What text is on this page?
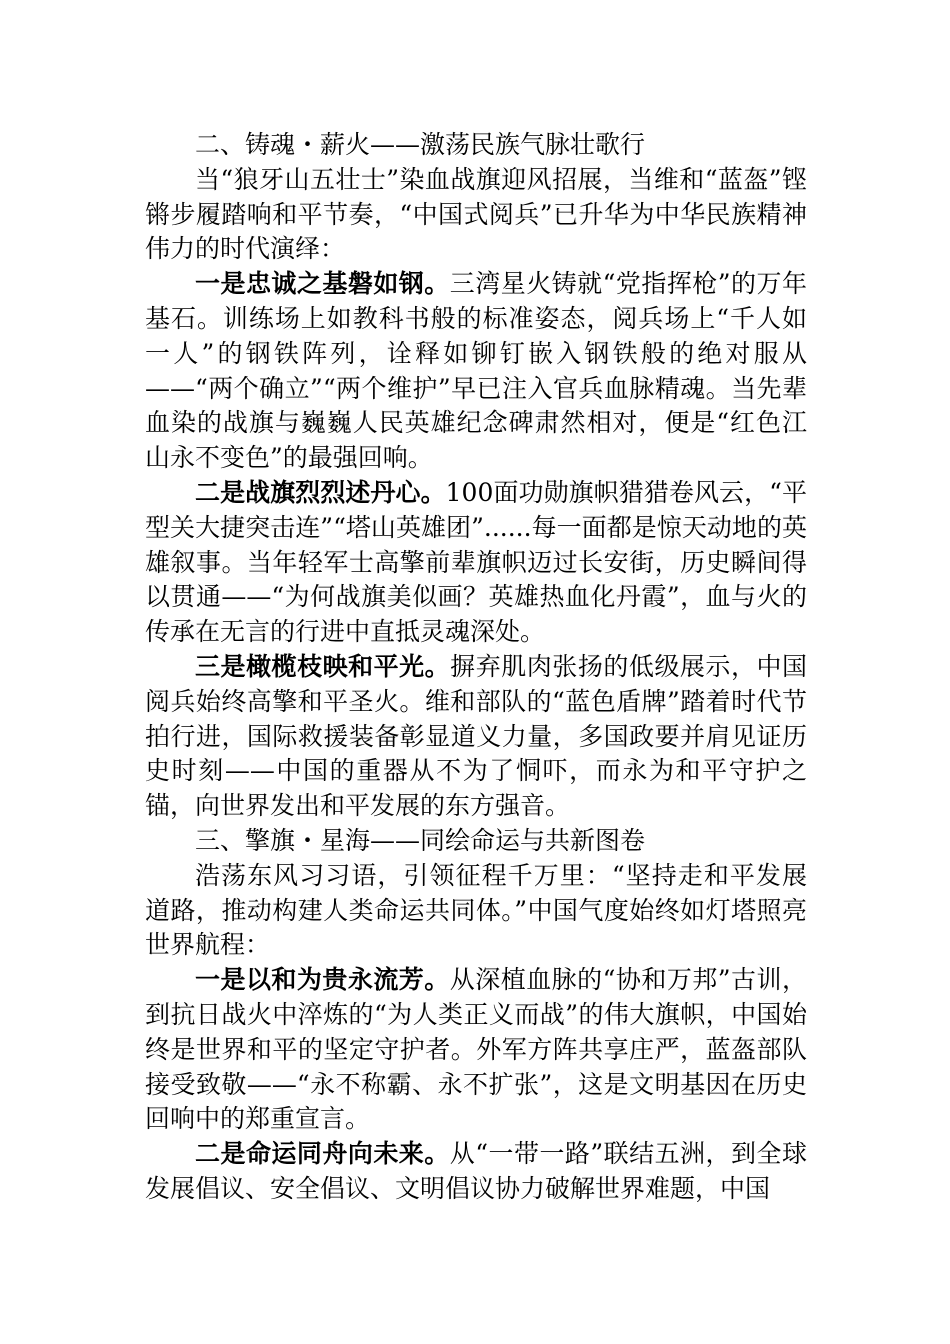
二、铸魂・薪火——激荡民族气脉壮歌行

当“狼牙山五壮士”染血战旗迎风招展，当维和“蓝盔”铿锵步履踏响和平节奏，“中国式阅兵”已升华为中华民族精神伟力的时代演绎：

一是忠诚之基磐如钢。三湾星火铸就“党指挥枪”的万年基石。训练场上如教科书般的标准姿态，阅兵场上“千人如一人”的钢铁阵列，诠释如铆钉嵌入钢铁般的绝对服从——“两个确立”“两个维护”早已注入官兵血脉精魂。当先辈血染的战旗与巍巍人民英雄纪念碑肃然相对，便是“红色江山永不变色”的最强回响。

二是战旗烈烈述丹心。100面功勋旗帜猎猎卷风云，“平型关大捷突击连”“塔山英雄团”......每一面都是惊天动地的英雄叙事。当年轻军士高擎前辈旗帜迈过长安街，历史瞬间得以贯通——“为何战旗美似画？英雄热血化丹霞”，血与火的传承在无言的行进中直抵灵魂深处。

三是橄榄枝映和平光。摒弃肌肉张扬的低级展示，中国阅兵始终高擎和平圣火。维和部队的“蓝色盾牌”踏着时代节拍行进，国际救援装备彰显道义力量，多国政要并肩见证历史时刻——中国的重器从不为了恫吓，而永为和平守护之锚，向世界发出和平发展的东方强音。

三、擎旗・星海——同绘命运与共新图卷

浩荡东风习习语，引领征程千万里：“坚持走和平发展道路，推动构建人类命运共同体。”中国气度始终如灯塔照亮世界航程：

一是以和为贵永流芳。从深植血脉的“协和万邦”古训，到抗日战火中淬炼的“为人类正义而战”的伟大旗帜，中国始终是世界和平的坚定守护者。外军方阵共享庄严，蓝盔部队接受致敬——“永不称霸、永不扩张”，这是文明基因在历史回响中的郑重宣言。

二是命运同舟向未来。从“一带一路”联结五洲，到全球发展倡议、安全倡议、文明倡议协力破解世界难题，中国
